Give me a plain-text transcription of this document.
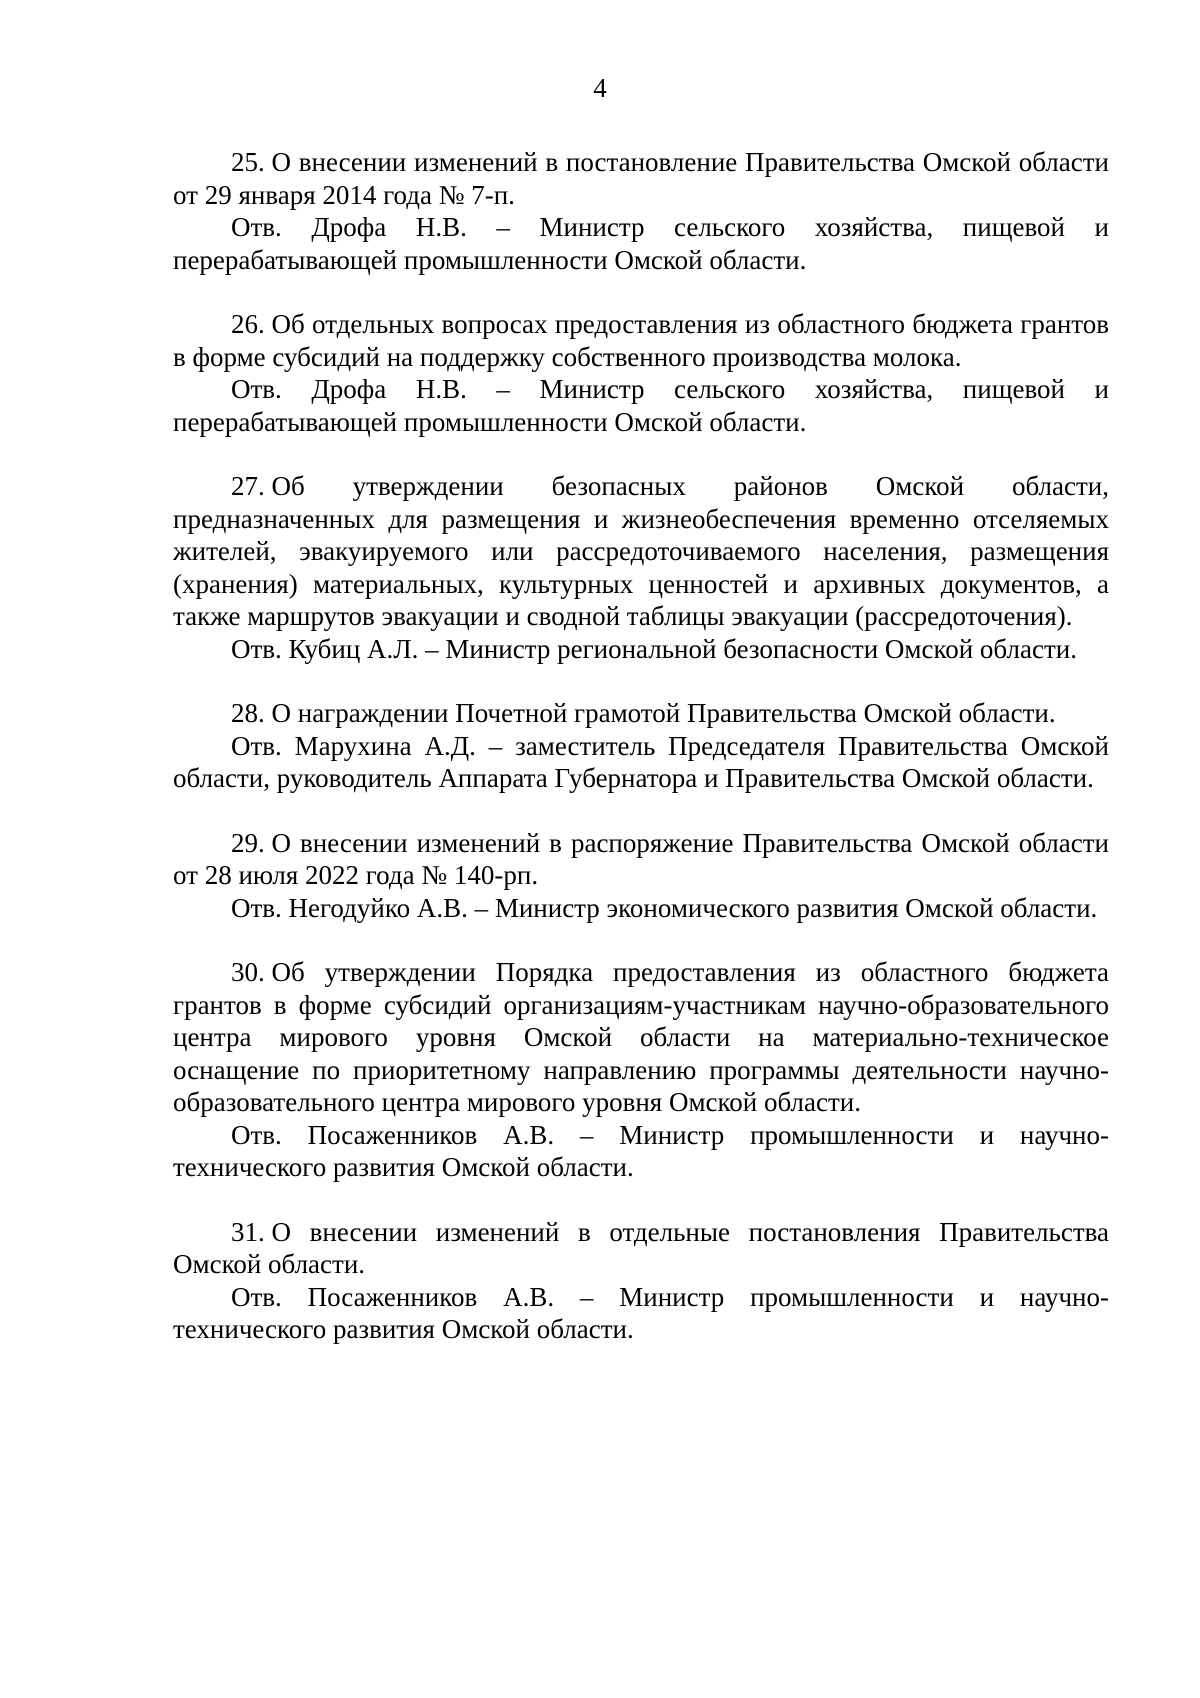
4

25. О внесении изменений в постановление Правительства Омской области от 29 января 2014 года № 7-п.

Отв. Дрофа Н.В. – Министр сельского хозяйства, пищевой и перерабатывающей промышленности Омской области.

26. Об отдельных вопросах предоставления из областного бюджета грантов в форме субсидий на поддержку собственного производства молока.

Отв. Дрофа Н.В. – Министр сельского хозяйства, пищевой и перерабатывающей промышленности Омской области.

27. Об утверждении безопасных районов Омской области, предназначенных для размещения и жизнеобеспечения временно отселяемых жителей, эвакуируемого или рассредоточиваемого населения, размещения (хранения) материальных, культурных ценностей и архивных документов, а также маршрутов эвакуации и сводной таблицы эвакуации (рассредоточения).

Отв. Кубиц А.Л. – Министр региональной безопасности Омской области.

28. О награждении Почетной грамотой Правительства Омской области.

Отв. Марухина А.Д. – заместитель Председателя Правительства Омской области, руководитель Аппарата Губернатора и Правительства Омской области.

29. О внесении изменений в распоряжение Правительства Омской области от 28 июля 2022 года № 140-рп.

Отв. Негодуйко А.В. – Министр экономического развития Омской области.

30. Об утверждении Порядка предоставления из областного бюджета грантов в форме субсидий организациям-участникам научно-образовательного центра мирового уровня Омской области на материально-техническое оснащение по приоритетному направлению программы деятельности научно-образовательного центра мирового уровня Омской области.

Отв. Посаженников А.В. – Министр промышленности и научно-технического развития Омской области.

31. О внесении изменений в отдельные постановления Правительства Омской области.

Отв. Посаженников А.В. – Министр промышленности и научно-технического развития Омской области.
